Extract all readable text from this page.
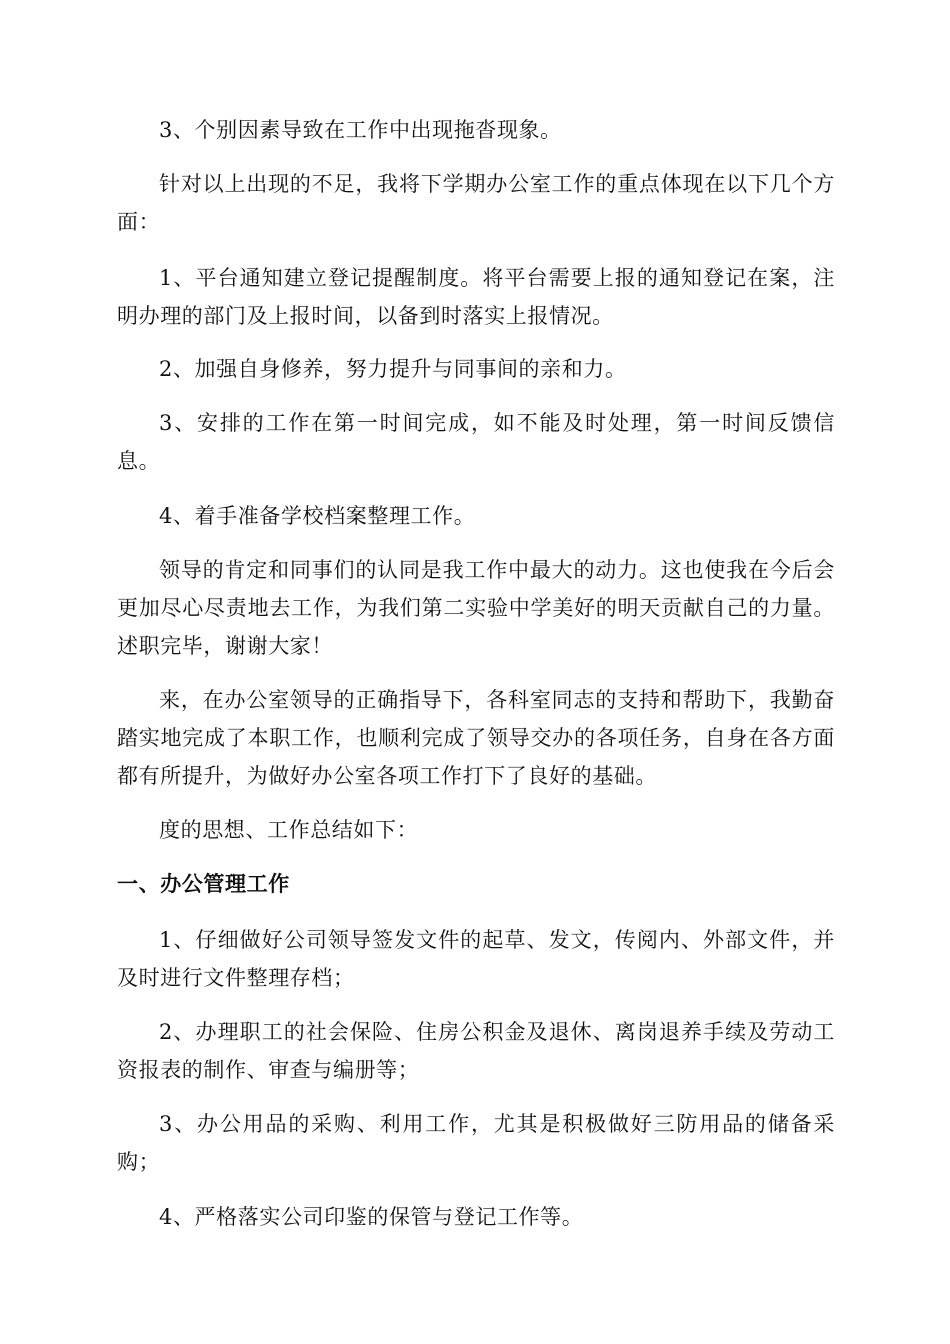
3、个别因素导致在工作中出现拖沓现象。

针对以上出现的不足，我将下学期办公室工作的重点体现在以下几个方面：

1、平台通知建立登记提醒制度。将平台需要上报的通知登记在案，注明办理的部门及上报时间，以备到时落实上报情况。

2、加强自身修养，努力提升与同事间的亲和力。

3、安排的工作在第一时间完成，如不能及时处理，第一时间反馈信息。

4、着手准备学校档案整理工作。

领导的肯定和同事们的认同是我工作中最大的动力。这也使我在今后会更加尽心尽责地去工作，为我们第二实验中学美好的明天贡献自己的力量。述职完毕，谢谢大家！

来，在办公室领导的正确指导下，各科室同志的支持和帮助下，我勤奋踏实地完成了本职工作，也顺利完成了领导交办的各项任务，自身在各方面都有所提升，为做好办公室各项工作打下了良好的基础。

度的思想、工作总结如下：

一、办公管理工作

1、仔细做好公司领导签发文件的起草、发文，传阅内、外部文件，并及时进行文件整理存档；

2、办理职工的社会保险、住房公积金及退休、离岗退养手续及劳动工资报表的制作、审查与编册等；

3、办公用品的采购、利用工作，尤其是积极做好三防用品的储备采购；

4、严格落实公司印鉴的保管与登记工作等。
